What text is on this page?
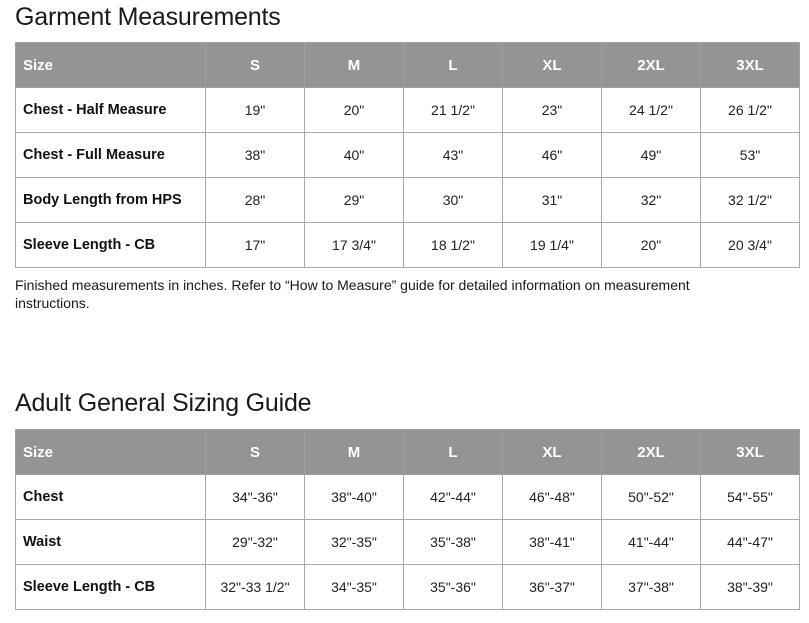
Garment Measurements
Size	S	M	L	XL	2XL	3XL
Chest - Half Measure	19"	20"	21 1/2"	23"	24 1/2"	26 1/2"
Chest - Full Measure	38"	40"	43"	46"	49"	53"
Body Length from HPS	28"	29"	30"	31"	32"	32 1/2"
Sleeve Length - CB	17"	17 3/4"	18 1/2"	19 1/4"	20"	20 3/4"

Finished measurements in inches. Refer to “How to Measure” guide for detailed information on measurement instructions.

Adult General Sizing Guide
Size	S	M	L	XL	2XL	3XL
Chest	34"-36"	38"-40"	42"-44"	46"-48"	50"-52"	54"-55"
Waist	29"-32"	32"-35"	35"-38"	38"-41"	41"-44"	44"-47"
Sleeve Length - CB	32"-33 1/2"	34"-35"	35"-36"	36"-37"	37"-38"	38"-39"
